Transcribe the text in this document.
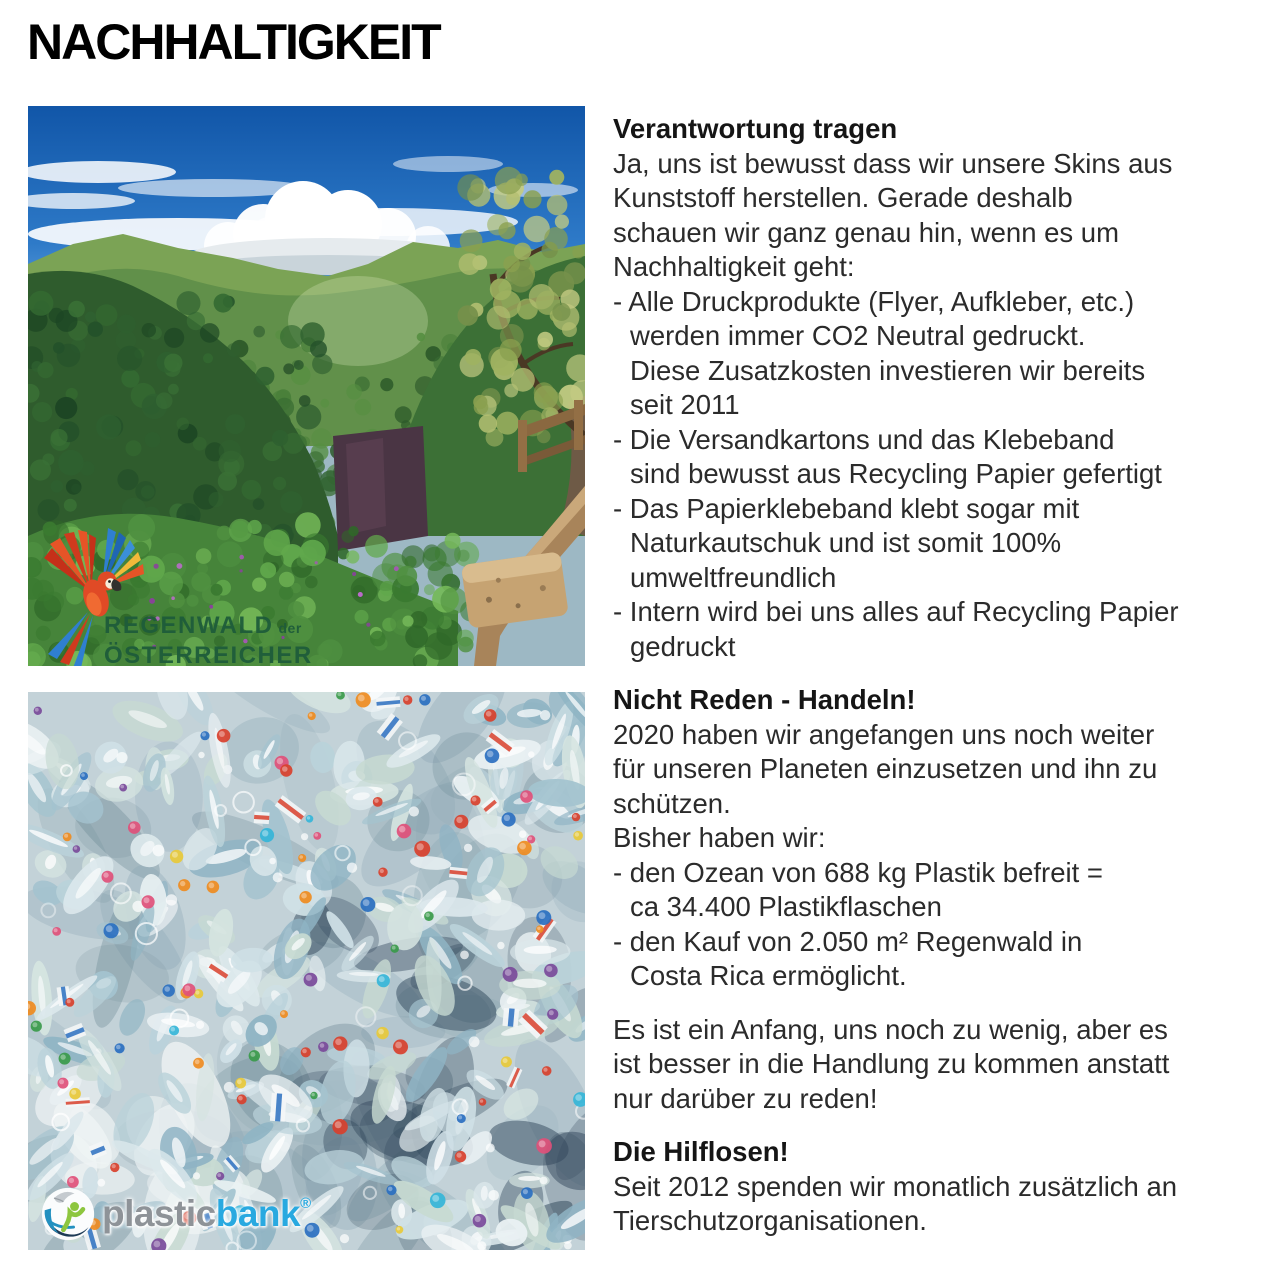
NACHHALTIGKEIT
REGENWALD der
ÖSTERREICHER
plasticbank®
Verantwortung tragen
Ja, uns ist bewusst dass wir unsere Skins aus
Kunststoff herstellen. Gerade deshalb
schauen wir ganz genau hin, wenn es um
Nachhaltigkeit geht:
- Alle Druckprodukte (Flyer, Aufkleber, etc.)
werden immer CO2 Neutral gedruckt.
Diese Zusatzkosten investieren wir bereits
seit 2011
- Die Versandkartons und das Klebeband
sind bewusst aus Recycling Papier gefertigt
- Das Papierklebeband klebt sogar mit
Naturkautschuk und ist somit 100%
umweltfreundlich
- Intern wird bei uns alles auf Recycling Papier
gedruckt
Nicht Reden - Handeln!
2020 haben wir angefangen uns noch weiter
für unseren Planeten einzusetzen und ihn zu
schützen.
Bisher haben wir:
- den Ozean von 688 kg Plastik befreit =
ca 34.400 Plastikflaschen
- den Kauf von 2.050 m² Regenwald in
Costa Rica ermöglicht.
Es ist ein Anfang, uns noch zu wenig, aber es
ist besser in die Handlung zu kommen anstatt
nur darüber zu reden!
Die Hilflosen!
Seit 2012 spenden wir monatlich zusätzlich an
Tierschutzorganisationen.
